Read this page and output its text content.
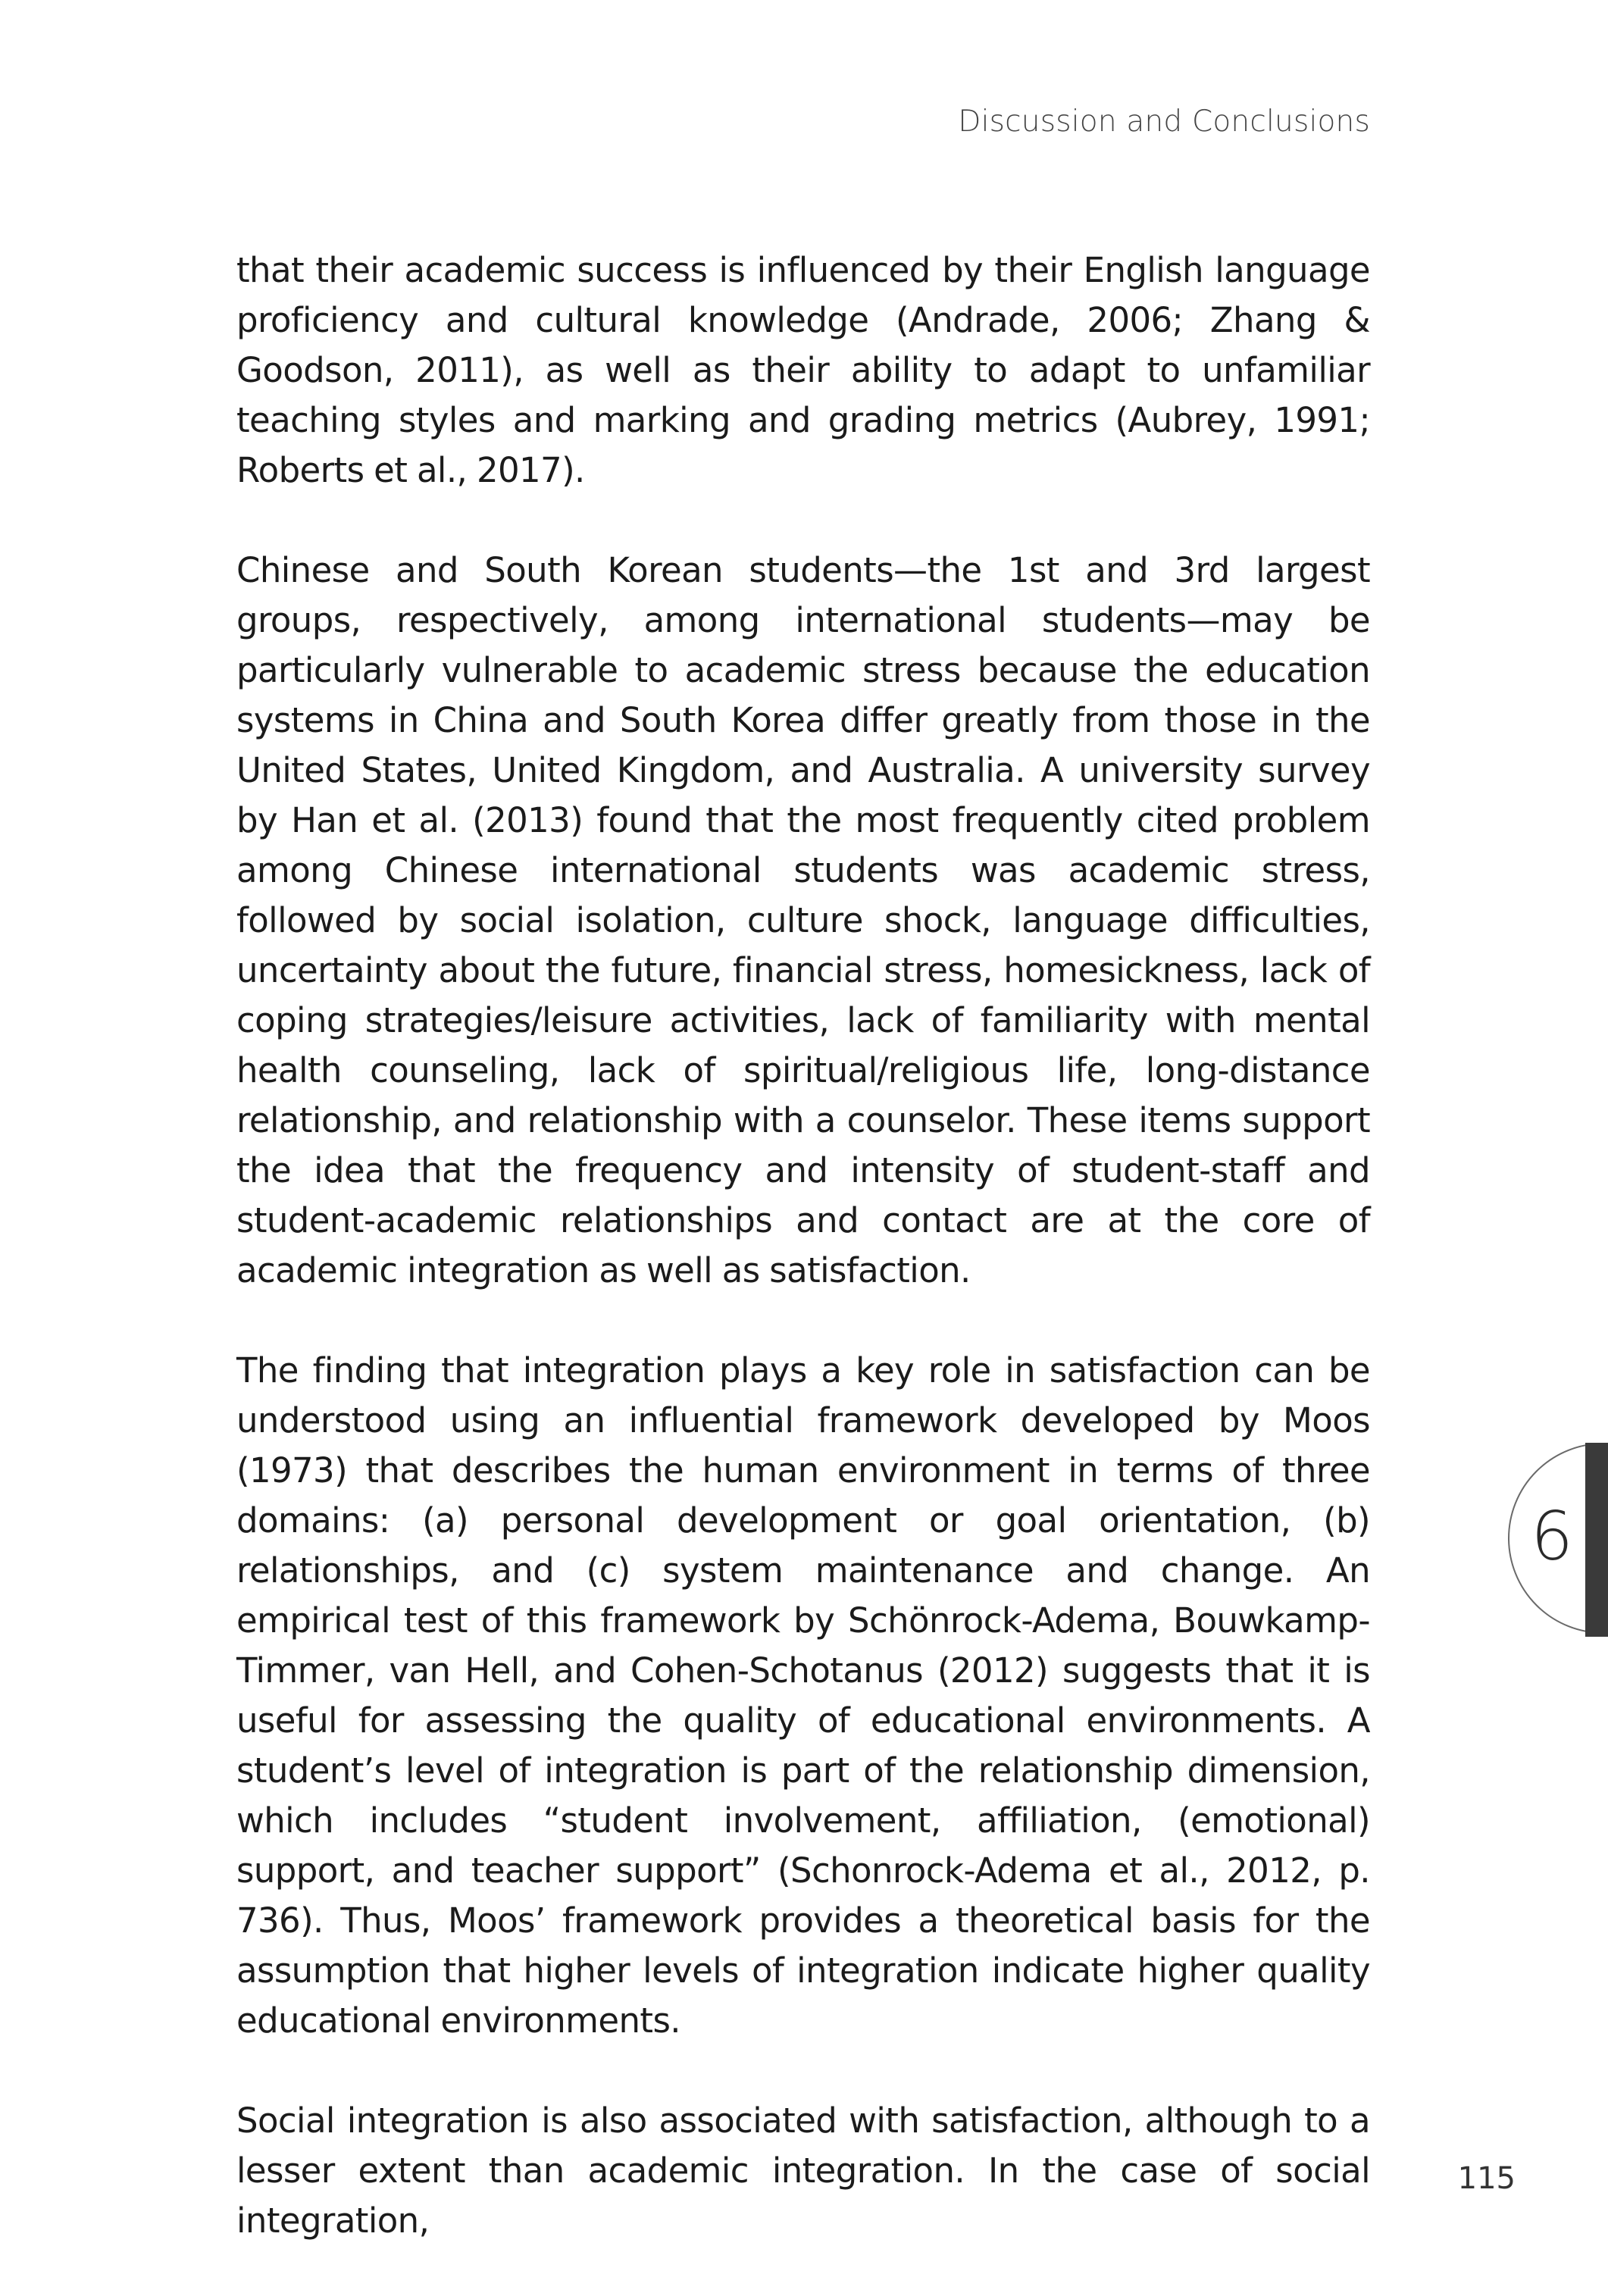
Discussion and Conclusions

that their academic success is influenced by their English language proficiency and cultural knowledge (Andrade, 2006; Zhang & Goodson, 2011), as well as their ability to adapt to unfamiliar teaching styles and marking and grading metrics (Aubrey, 1991; Roberts et al., 2017).

Chinese and South Korean students—the 1st and 3rd largest groups, respectively, among international students—may be particularly vulnerable to academic stress because the education systems in China and South Korea differ greatly from those in the United States, United Kingdom, and Australia. A university survey by Han et al. (2013) found that the most frequently cited problem among Chinese international students was academic stress, followed by social isolation, culture shock, language difficulties, uncertainty about the future, financial stress, homesickness, lack of coping strategies/leisure activities, lack of familiarity with mental health counseling, lack of spiritual/religious life, long-distance relationship, and relationship with a counselor. These items support the idea that the frequency and intensity of student-staff and student-academic relationships and contact are at the core of academic integration as well as satisfaction.

The finding that integration plays a key role in satisfaction can be understood using an influential framework developed by Moos (1973) that describes the human environment in terms of three domains: (a) personal development or goal orientation, (b) relationships, and (c) system maintenance and change. An empirical test of this framework by Schönrock-Adema, Bouwkamp-Timmer, van Hell, and Cohen-Schotanus (2012) suggests that it is useful for assessing the quality of educational environments. A student’s level of integration is part of the relationship dimension, which includes “student involvement, affiliation, (emotional) support, and teacher support” (Schonrock-Adema et al., 2012, p. 736). Thus, Moos’ framework provides a theoretical basis for the assumption that higher levels of integration indicate higher quality educational environments.

Social integration is also associated with satisfaction, although to a lesser extent than academic integration. In the case of social integration,

6
115
